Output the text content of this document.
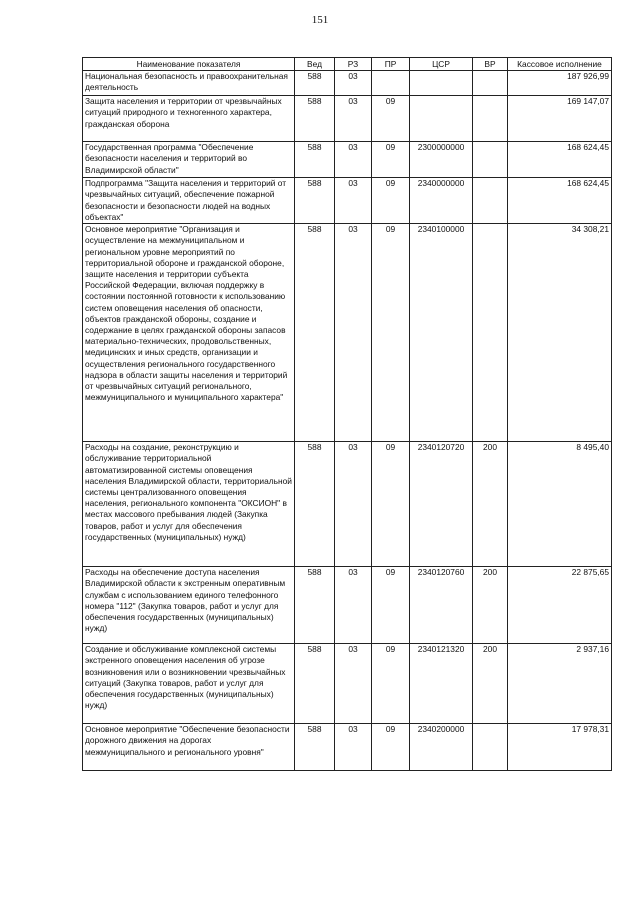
151
Наименование показателя	Вед	РЗ	ПР	ЦСР	ВР	Кассовое исполнение
Национальная безопасность и правоохранительная деятельность	588	03				187 926,99
Защита населения и территории от чрезвычайных ситуаций природного и техногенного характера, гражданская оборона	588	03	09			169 147,07
Государственная программа "Обеспечение безопасности населения и территорий во Владимирской области"	588	03	09	2300000000		168 624,45
Подпрограмма "Защита населения и территорий от чрезвычайных ситуаций, обеспечение пожарной безопасности и безопасности людей на водных объектах"	588	03	09	2340000000		168 624,45
Основное мероприятие "Организация и осуществление на межмуниципальном и региональном уровне мероприятий по территориальной обороне и гражданской обороне, защите населения и территории субъекта Российской Федерации, включая поддержку в состоянии постоянной готовности к использованию систем оповещения населения об опасности, объектов гражданской обороны, создание и содержание в целях гражданской обороны запасов материально-технических, продовольственных, медицинских и иных средств, организации и осуществления регионального государственного надзора в области защиты населения и территорий от чрезвычайных ситуаций регионального, межмуниципального и муниципального характера"	588	03	09	2340100000		34 308,21
Расходы на создание, реконструкцию и обслуживание территориальной автоматизированной системы оповещения населения Владимирской области, территориальной системы централизованного оповещения населения, регионального компонента "ОКСИОН" в местах массового пребывания людей (Закупка товаров, работ и услуг для обеспечения государственных (муниципальных) нужд)	588	03	09	2340120720	200	8 495,40
Расходы на обеспечение доступа населения Владимирской области к экстренным оперативным службам с использованием единого телефонного номера "112" (Закупка товаров, работ и услуг для обеспечения государственных (муниципальных) нужд)	588	03	09	2340120760	200	22 875,65
Создание и обслуживание комплексной системы экстренного оповещения населения об угрозе возникновения или о возникновении чрезвычайных ситуаций (Закупка товаров, работ и услуг для обеспечения государственных (муниципальных) нужд)	588	03	09	2340121320	200	2 937,16
Основное мероприятие "Обеспечение безопасности дорожного движения на дорогах межмуниципального и регионального уровня"	588	03	09	2340200000		17 978,31
